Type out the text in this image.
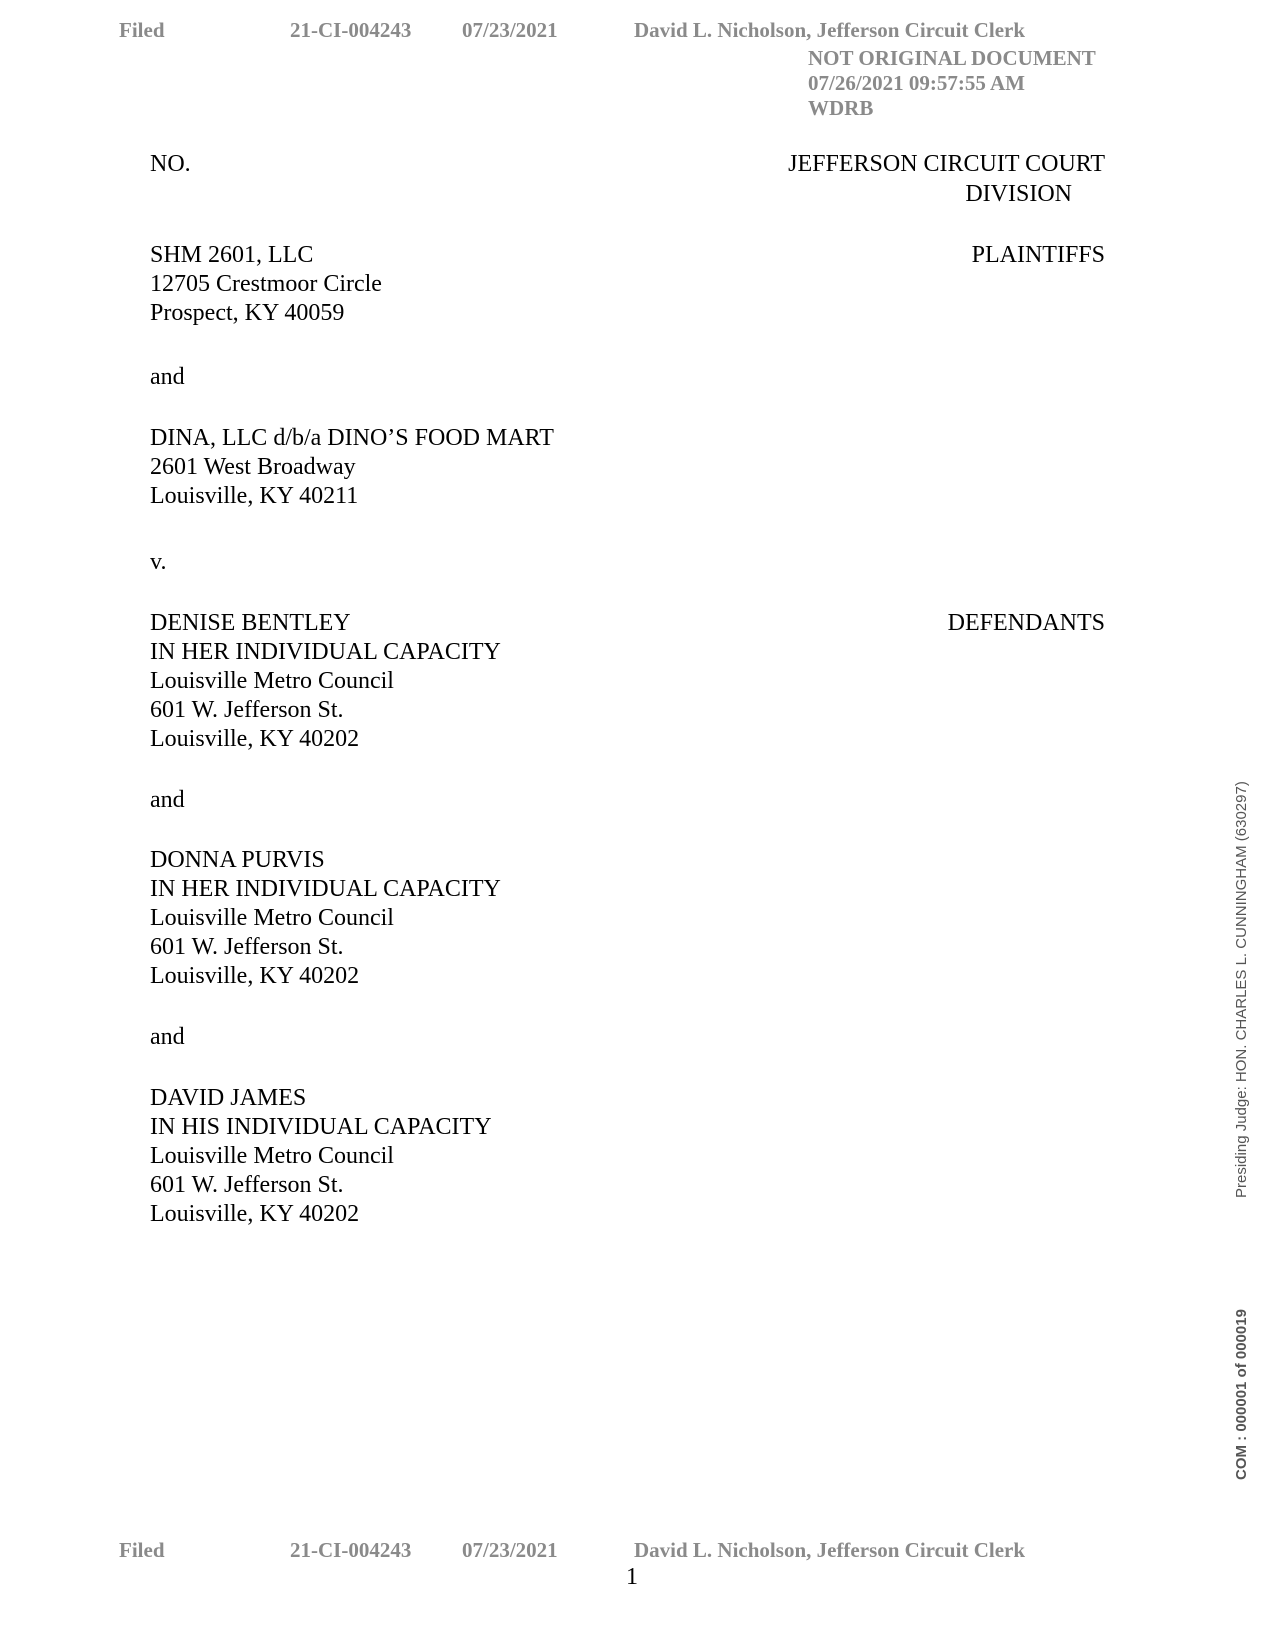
Filed	21-CI-004243 07/23/2021	David L. Nicholson, Jefferson Circuit Clerk
NOT ORIGINAL DOCUMENT
07/26/2021 09:57:55 AM
WDRB
NO.	JEFFERSON CIRCUIT COURT
DIVISION
SHM 2601, LLC
12705 Crestmoor Circle
Prospect, KY 40059
PLAINTIFFS
and
DINA, LLC d/b/a DINO’S FOOD MART
2601 West Broadway
Louisville, KY 40211
v.
DENISE BENTLEY
IN HER INDIVIDUAL CAPACITY
Louisville Metro Council
601 W. Jefferson St.
Louisville, KY 40202
DEFENDANTS
and
DONNA PURVIS
IN HER INDIVIDUAL CAPACITY
Louisville Metro Council
601 W. Jefferson St.
Louisville, KY 40202
and
DAVID JAMES
IN HIS INDIVIDUAL CAPACITY
Louisville Metro Council
601 W. Jefferson St.
Louisville, KY 40202
Presiding Judge: HON. CHARLES L. CUNNINGHAM (630297)
COM : 000001 of 000019
Filed	21-CI-004243 07/23/2021	David L. Nicholson, Jefferson Circuit Clerk
1
